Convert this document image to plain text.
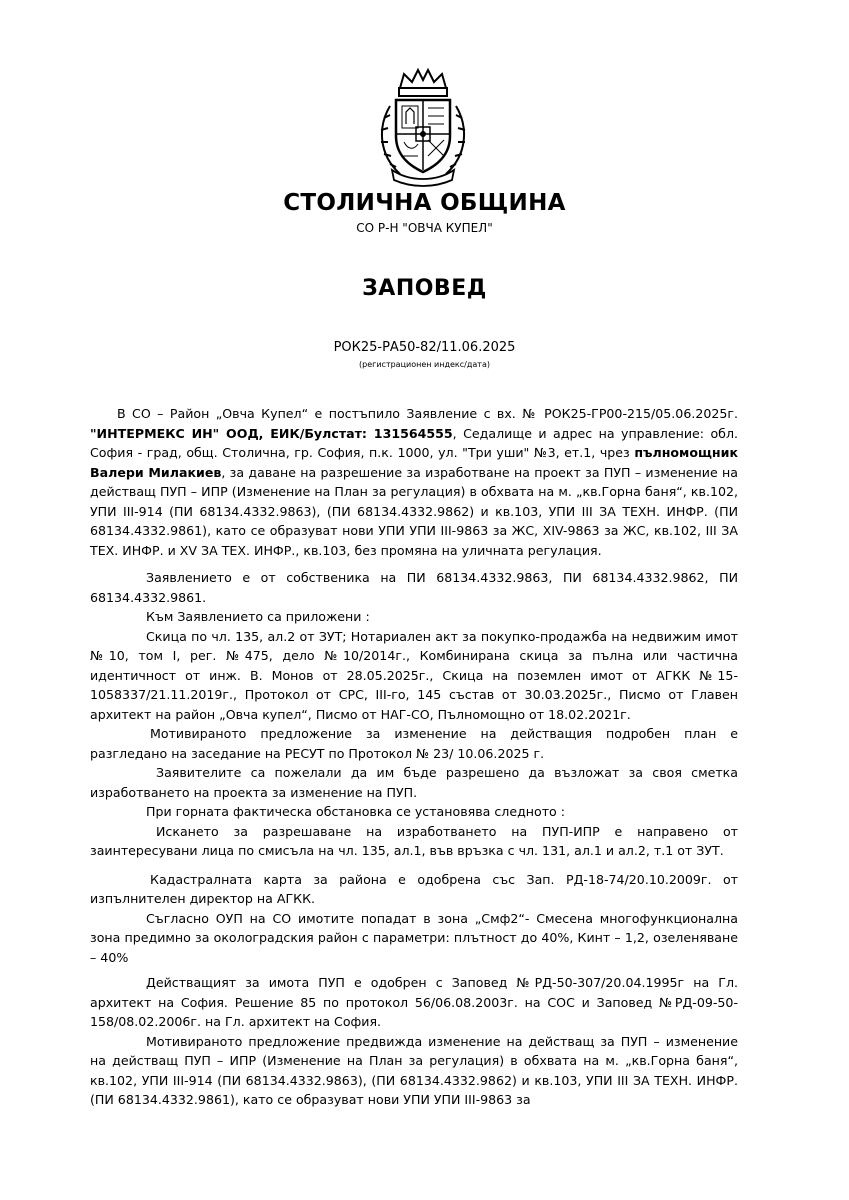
СТОЛИЧНА ОБЩИНА
СО Р-Н "ОВЧА КУПЕЛ"
ЗАПОВЕД
РОК25-РА50-82/11.06.2025
(регистрационен индекс/дата)

В СО – Район „Овча Купел“ е постъпило Заявление с вх. № РОК25-ГР00-215/05.06.2025г. "ИНТЕРМЕКС ИН" ООД, ЕИК/Булстат: 131564555, Седалище и адрес на управление: обл. София - град, общ. Столична, гр. София, п.к. 1000, ул. "Три уши" №3, ет.1, чрез пълномощник Валери Милакиев, за даване на разрешение за изработване на проект за ПУП – изменение на действащ ПУП – ИПР (Изменение на План за регулация) в обхвата на м. „кв.Горна баня“, кв.102, УПИ III-914 (ПИ 68134.4332.9863), (ПИ 68134.4332.9862) и кв.103, УПИ III ЗА ТЕХН. ИНФР. (ПИ 68134.4332.9861), като се образуват нови УПИ УПИ III-9863 за ЖС, XIV-9863 за ЖС, кв.102, III ЗА ТЕХ. ИНФР. и XV ЗА ТЕХ. ИНФР., кв.103, без промяна на уличната регулация.

Заявлението е от собственика на ПИ 68134.4332.9863, ПИ 68134.4332.9862, ПИ 68134.4332.9861.

Към Заявлението са приложени :

Скица по чл. 135, ал.2 от ЗУТ; Нотариален акт за покупко-продажба на недвижим имот №10, том I, рег. №475, дело №10/2014г., Комбинирана скица за пълна или частична идентичност от инж. В. Монов от 28.05.2025г., Скица на поземлен имот от АГКК №15-1058337/21.11.2019г., Протокол от СРС, III-го, 145 състав от 30.03.2025г., Писмо от Главен архитект на район „Овча купел“, Писмо от НАГ-СО, Пълномощно от 18.02.2021г.

Мотивираното предложение за изменение на действащия подробен план е разгледано на заседание на РЕСУТ по Протокол № 23/ 10.06.2025 г.

Заявителите са пожелали да им бъде разрешено да възложат за своя сметка изработването на проекта за изменение на ПУП.

При горната фактическа обстановка се установява следното :

Искането за разрешаване на изработването на ПУП-ИПР е направено от заинтересувани лица по смисъла на чл. 135, ал.1, във връзка с чл. 131, ал.1 и ал.2, т.1 от ЗУТ.

Кадастралната карта за района е одобрена със Зап. РД-18-74/20.10.2009г. от изпълнителен директор на АГКК.

Съгласно ОУП на СО имотите попадат в зона „Смф2“- Смесена многофункционална зона предимно за околоградския район с параметри: плътност до 40%, Кинт – 1,2, озеленяване – 40%

Действащият за имота ПУП е одобрен с Заповед №РД-50-307/20.04.1995г на Гл. архитект на София. Решение 85 по протокол 56/06.08.2003г. на СОС и Заповед №РД-09-50-158/08.02.2006г. на Гл. архитект на София.

Мотивираното предложение предвижда изменение на действащ за ПУП – изменение на действащ ПУП – ИПР (Изменение на План за регулация) в обхвата на м. „кв.Горна баня“, кв.102, УПИ III-914 (ПИ 68134.4332.9863), (ПИ 68134.4332.9862) и кв.103, УПИ III ЗА ТЕХН. ИНФР. (ПИ 68134.4332.9861), като се образуват нови УПИ УПИ III-9863 за
